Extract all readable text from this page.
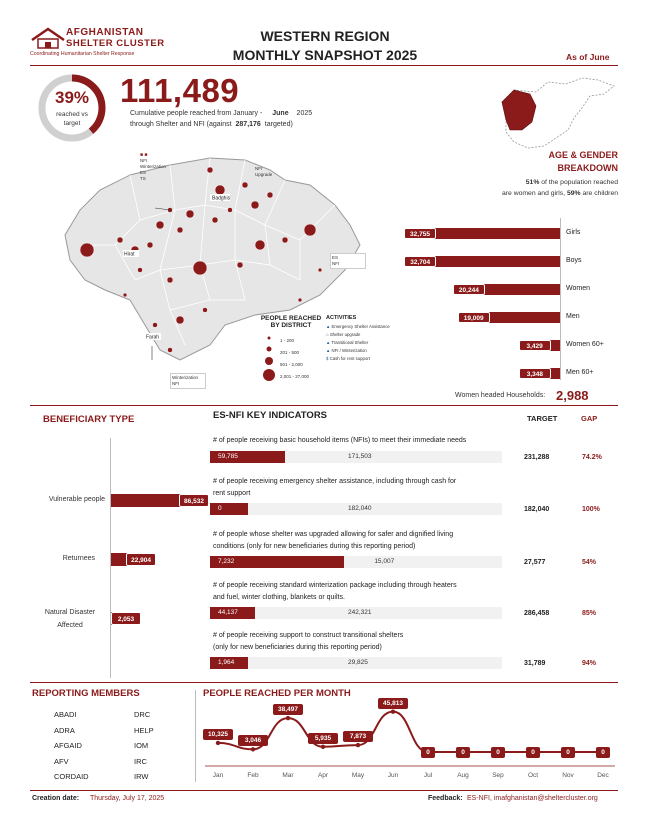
AFGHANISTAN
SHELTER CLUSTER
Coordinating Humanitarian Shelter Response
WESTERN REGION
MONTHLY SNAPSHOT 2025	As of June
39%
reached vs target
111,489
Cumulative people reached from January - June 2025
through Shelter and NFI (against 287,176 targeted)
Badghis
Hirat
Farah
■ ■
NFI
Winterization
ES
TS
NFI
Upgrade
ES
NFI
Winterization
NFI
PEOPLE REACHED
BY DISTRICT
1 - 200
201 - 500
501 - 2,000
2,001 - 27,000
ACTIVITIES
▲ Emergency Shelter Assistance
⌂ Shelter upgrade
▲ Transitional Shelter
▲ NFI / Winterization
$ Cash for rent support
AGE & GENDER
BREAKDOWN
51% of the population reached
are women and girls, 59% are children
32,755	Girls
32,704	Boys
20,244	Women
19,009	Men
3,429	Women 60+
3,348	Men 60+
Women headed Households: 2,988
BENEFICIARY TYPE
Vulnerable people
Returnees
Natural Disaster
Affected
86,532
22,904
2,053
ES-NFI KEY INDICATORS	TARGET	GAP
# of people receiving basic household items (NFIs) to meet their immediate needs
59,785	171,503	231,288	74.2%
# of people receiving emergency shelter assistance, including through cash for
rent support
0	182,040	182,040	100%
# of people whose shelter was upgraded allowing for safer and dignified living
conditions (only for new beneficiaries during this reporting period)
7,232	15,007	27,577	54%
# of people receiving standard winterization package including through heaters
and fuel, winter clothing, blankets or quilts.
44,137	242,321	286,458	85%
# of people receiving support to construct transitional shelters
(only for new beneficiaries during this reporting period)
1,964	29,825	31,789	94%
REPORTING MEMBERS
ABADI
ADRA
AFGAID
AFV
CORDAID
DRC
HELP
IOM
IRC
IRW
PEOPLE REACHED PER MONTH
10,325
Jan
3,046
Feb
38,497
Mar
5,935
Apr
7,873
May
45,813
Jun
0
Jul
0
Aug
0
Sep
0
Oct
0
Nov
0
Dec
Creation date: Thursday, July 17, 2025	Feedback: ES-NFI, imafghanistan@sheltercluster.org
